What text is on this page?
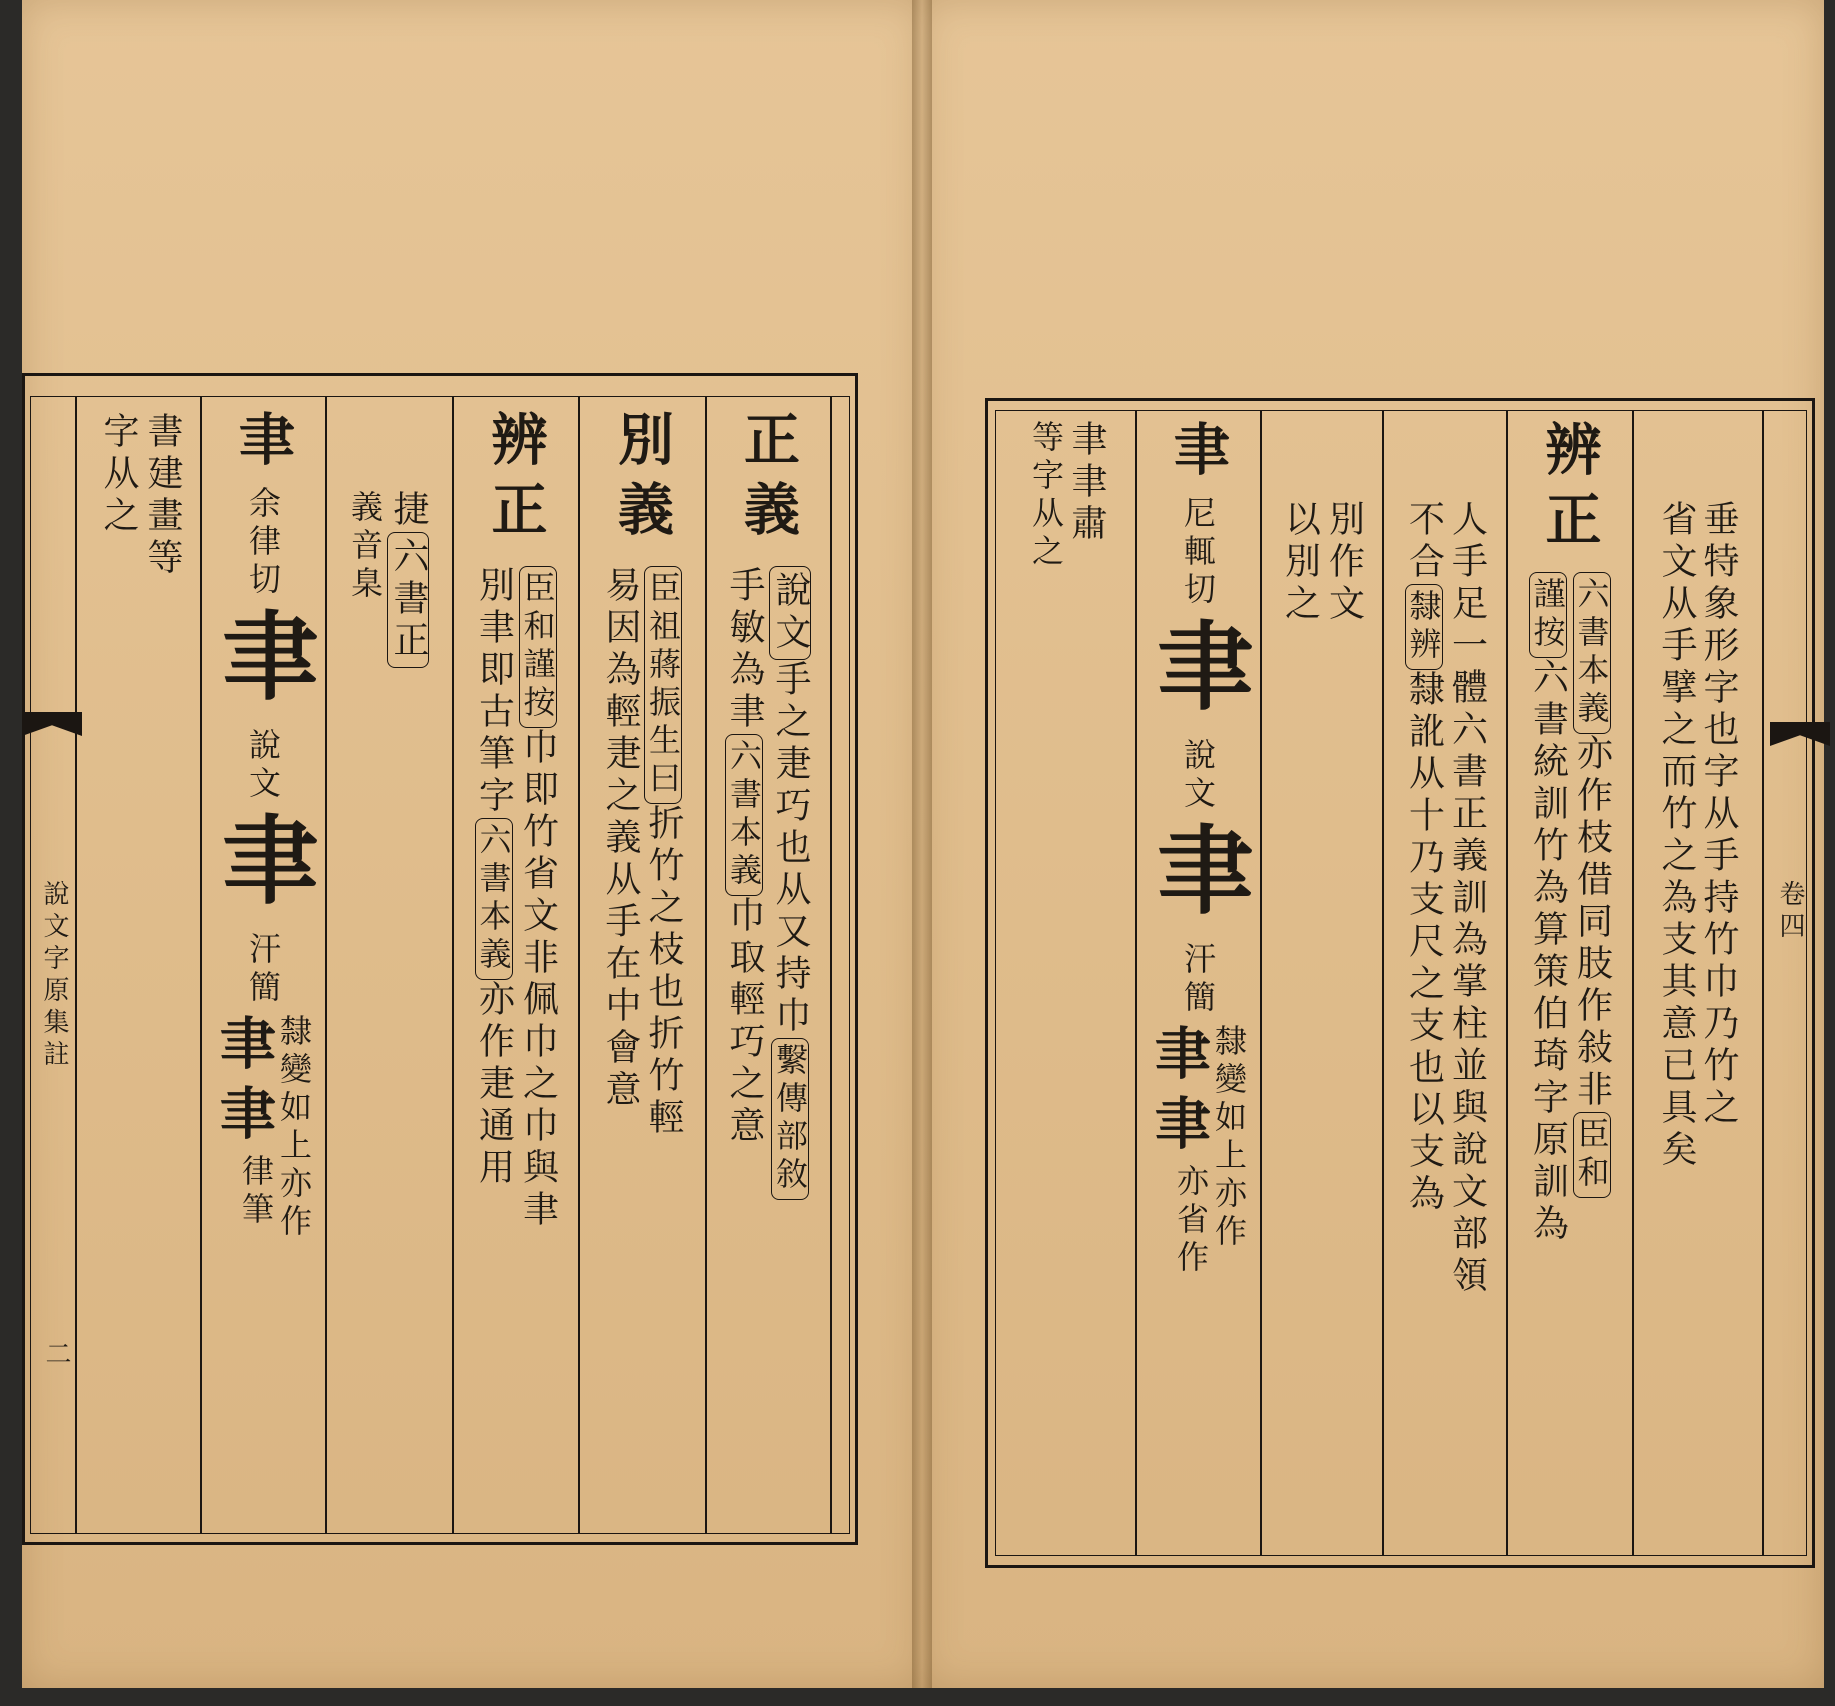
說文字原集註
二
正義
說文
手之疌巧也从又持巾
繫傳部敘
手敏為聿
六書本義
巾取輕巧之意
別義
臣祖蔣振生曰
折竹之枝也折竹輕
易因為輕疌之義从手在中會意
辨正
臣和謹按
巾即竹省文非佩巾之巾與聿
別聿即古筆字
六書本義
亦作疌通用
捷
六書正
義音臬
聿
余律切
聿
說文
聿
汗簡
隸變如上亦作
聿聿
律筆
書建畫等
字从之
卷四
垂特象形字也
字从手持竹巾乃竹之
省文从手擘之而竹之為支其意已具矣
辨正
六書本義
亦作枝借同肢作敍非
臣和
謹按
六書統訓竹為算策伯琦字原訓為
人手足一體六書正義訓為掌柱並與說文部領
不合
隸辨
隸訛从十乃支尺之支也以支為
別作文
以別之
聿
尼輒切
聿
說文
聿
汗簡
隸變如上亦作
聿聿
亦省作
聿
聿肅
等字从之
